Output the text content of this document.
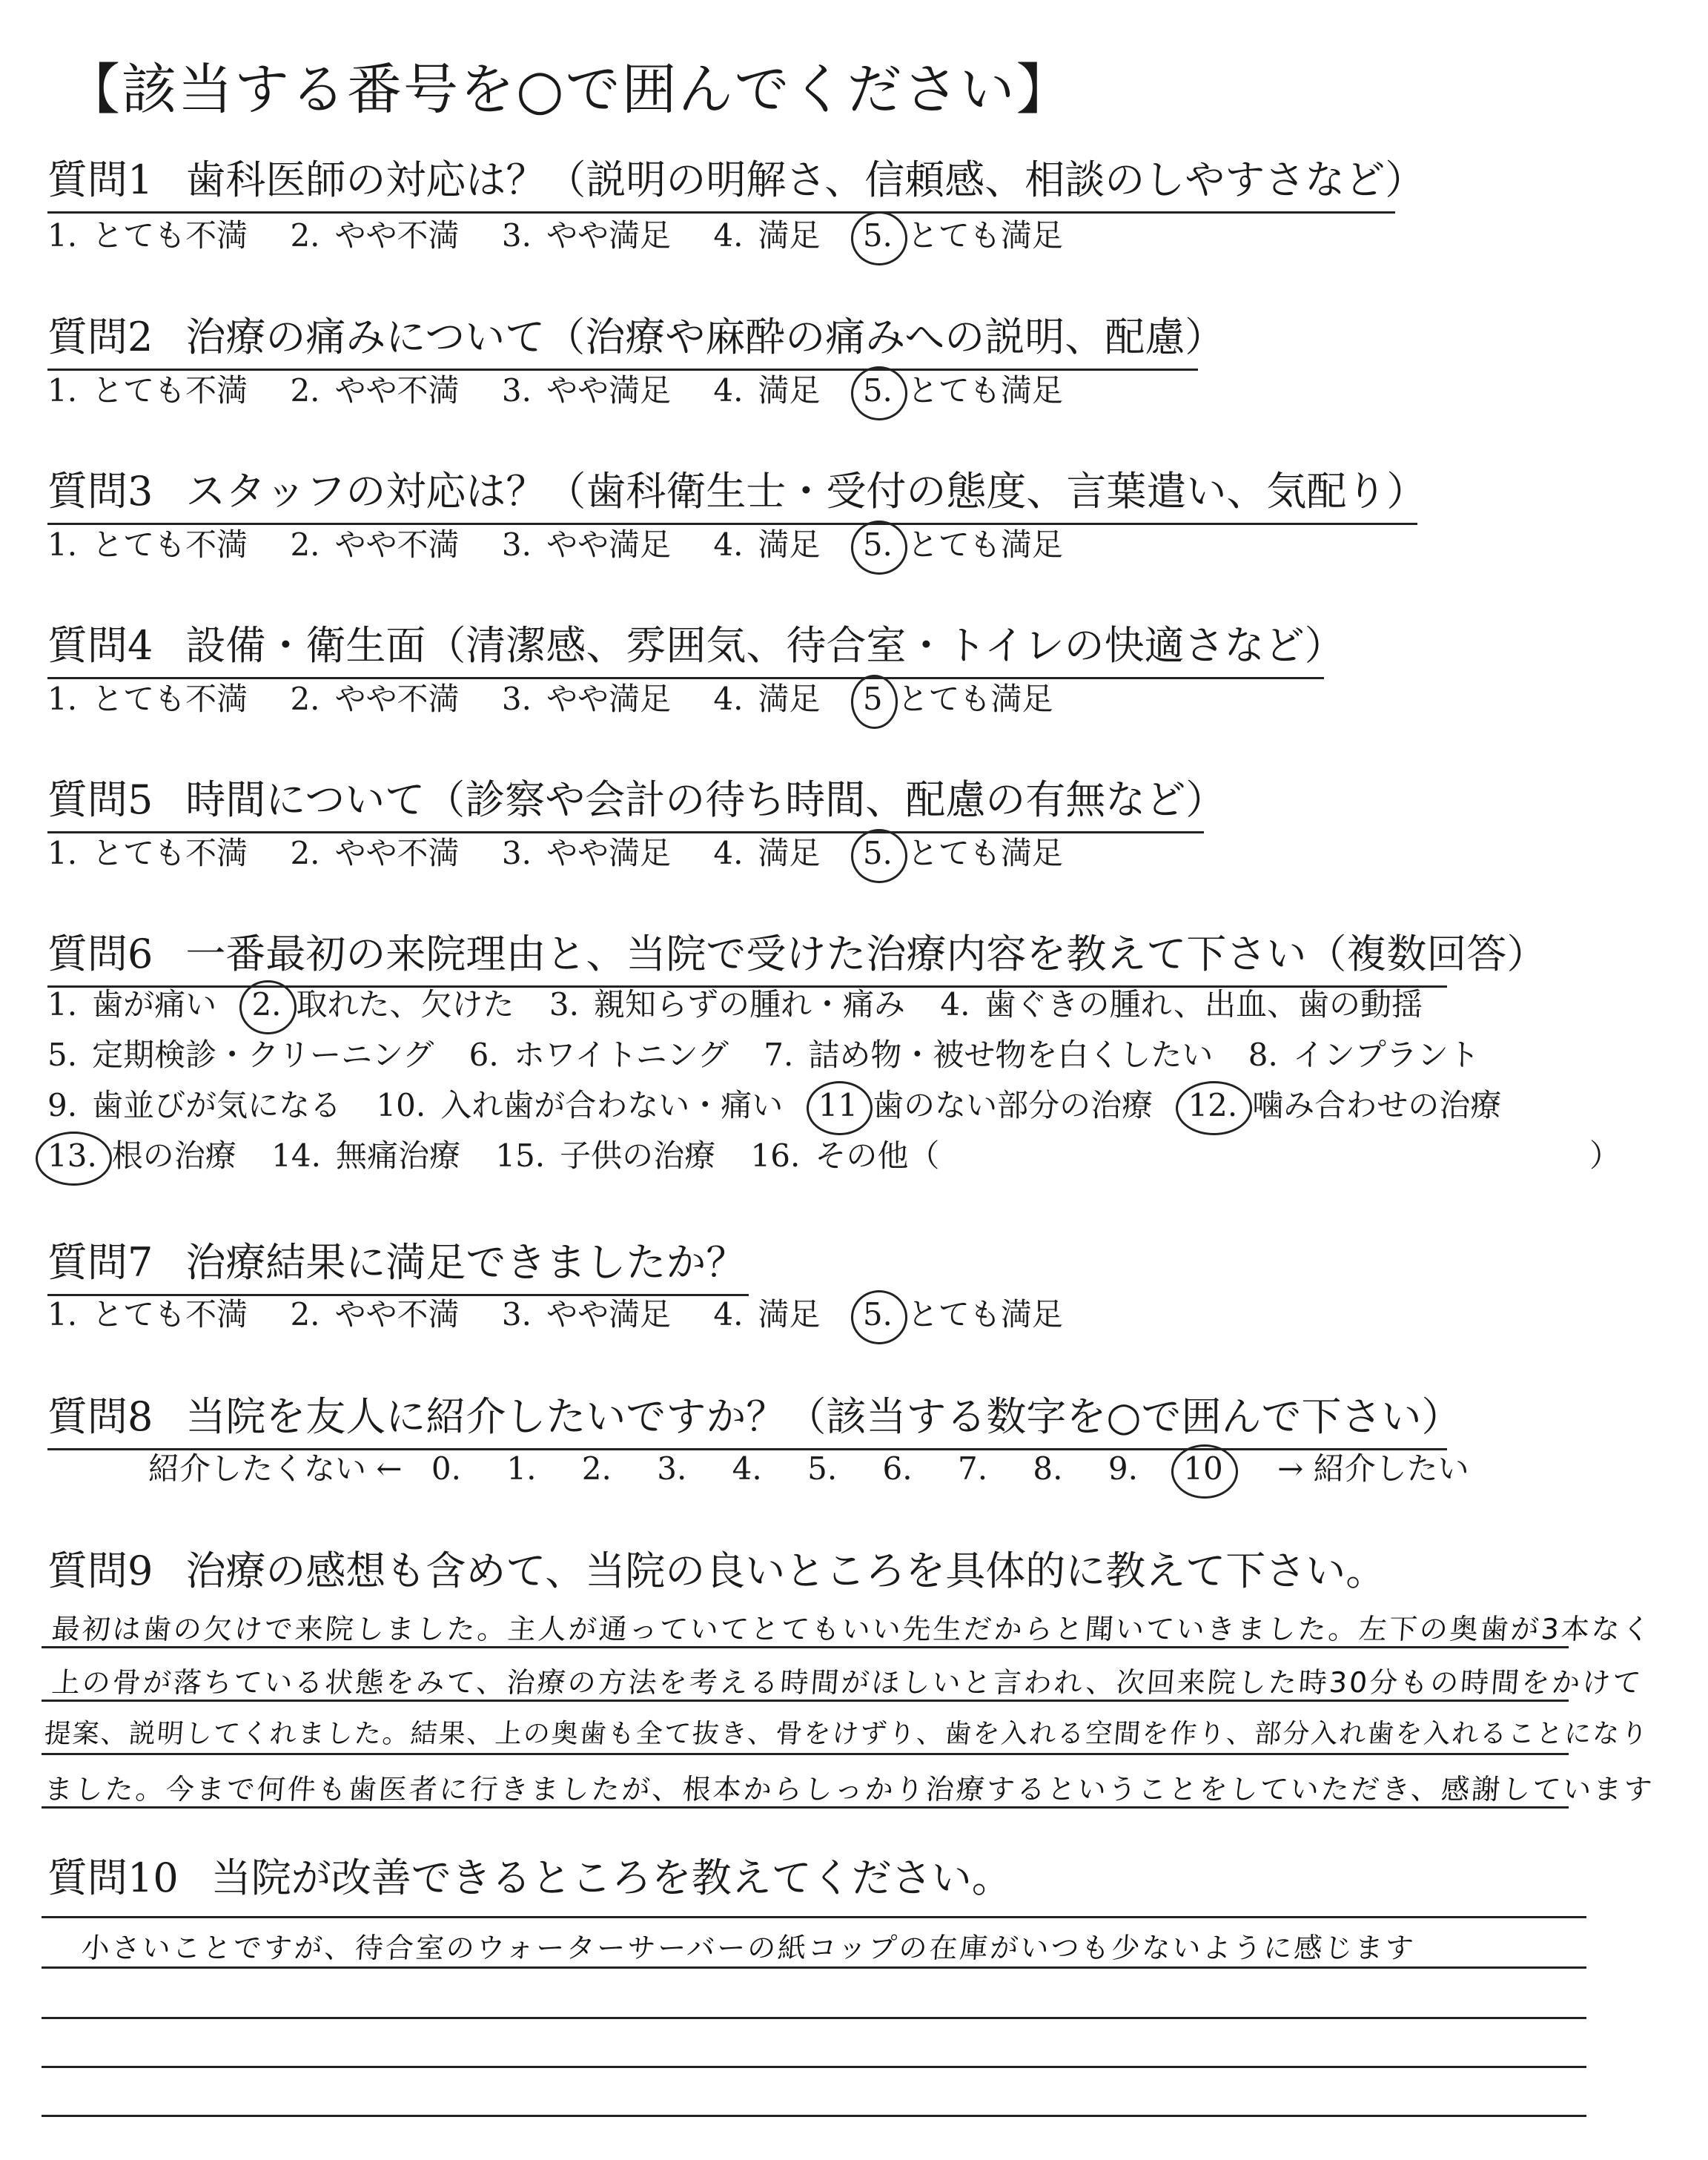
【該当する番号を○で囲んでください】
質問1 歯科医師の対応は？（説明の明解さ、信頼感、相談のしやすさなど）
1. とても不満 2. やや不満 3. やや満足 4. 満足 5. とても満足
質問2 治療の痛みについて（治療や麻酔の痛みへの説明、配慮）
1. とても不満 2. やや不満 3. やや満足 4. 満足 5. とても満足
質問3 スタッフの対応は？（歯科衛生士・受付の態度、言葉遣い、気配り）
1. とても不満 2. やや不満 3. やや満足 4. 満足 5. とても満足
質問4 設備・衛生面（清潔感、雰囲気、待合室・トイレの快適さなど）
1. とても不満 2. やや不満 3. やや満足 4. 満足 5 とても満足
質問5 時間について（診察や会計の待ち時間、配慮の有無など）
1. とても不満 2. やや不満 3. やや満足 4. 満足 5. とても満足
質問6 一番最初の来院理由と、当院で受けた治療内容を教えて下さい（複数回答）
1. 歯が痛い 2. 取れた、欠けた 3. 親知らずの腫れ・痛み 4. 歯ぐきの腫れ、出血、歯の動揺
5. 定期検診・クリーニング 6. ホワイトニング 7. 詰め物・被せ物を白くしたい 8. インプラント
9. 歯並びが気になる 10. 入れ歯が合わない・痛い 11 歯のない部分の治療 12. 噛み合わせの治療
13. 根の治療 14. 無痛治療 15. 子供の治療 16. その他（	）
質問7 治療結果に満足できましたか？
1. とても不満 2. やや不満 3. やや満足 4. 満足 5. とても満足
質問8 当院を友人に紹介したいですか？（該当する数字を○で囲んで下さい）
紹介したくない ← 0. 1. 2. 3. 4. 5. 6. 7. 8. 9. 10 → 紹介したい
質問9 治療の感想も含めて、当院の良いところを具体的に教えて下さい。
最初は歯の欠けで来院しました。主人が通っていてとてもいい先生だからと聞いていきました。左下の奥歯が3本なく
上の骨が落ちている状態をみて、治療の方法を考える時間がほしいと言われ、次回来院した時30分もの時間をかけて
提案、説明してくれました。結果、上の奥歯も全て抜き、骨をけずり、歯を入れる空間を作り、部分入れ歯を入れることになり
ました。今まで何件も歯医者に行きましたが、根本からしっかり治療するということをしていただき、感謝しています
質問10 当院が改善できるところを教えてください。
小さいことですが、待合室のウォーターサーバーの紙コップの在庫がいつも少ないように感じます
